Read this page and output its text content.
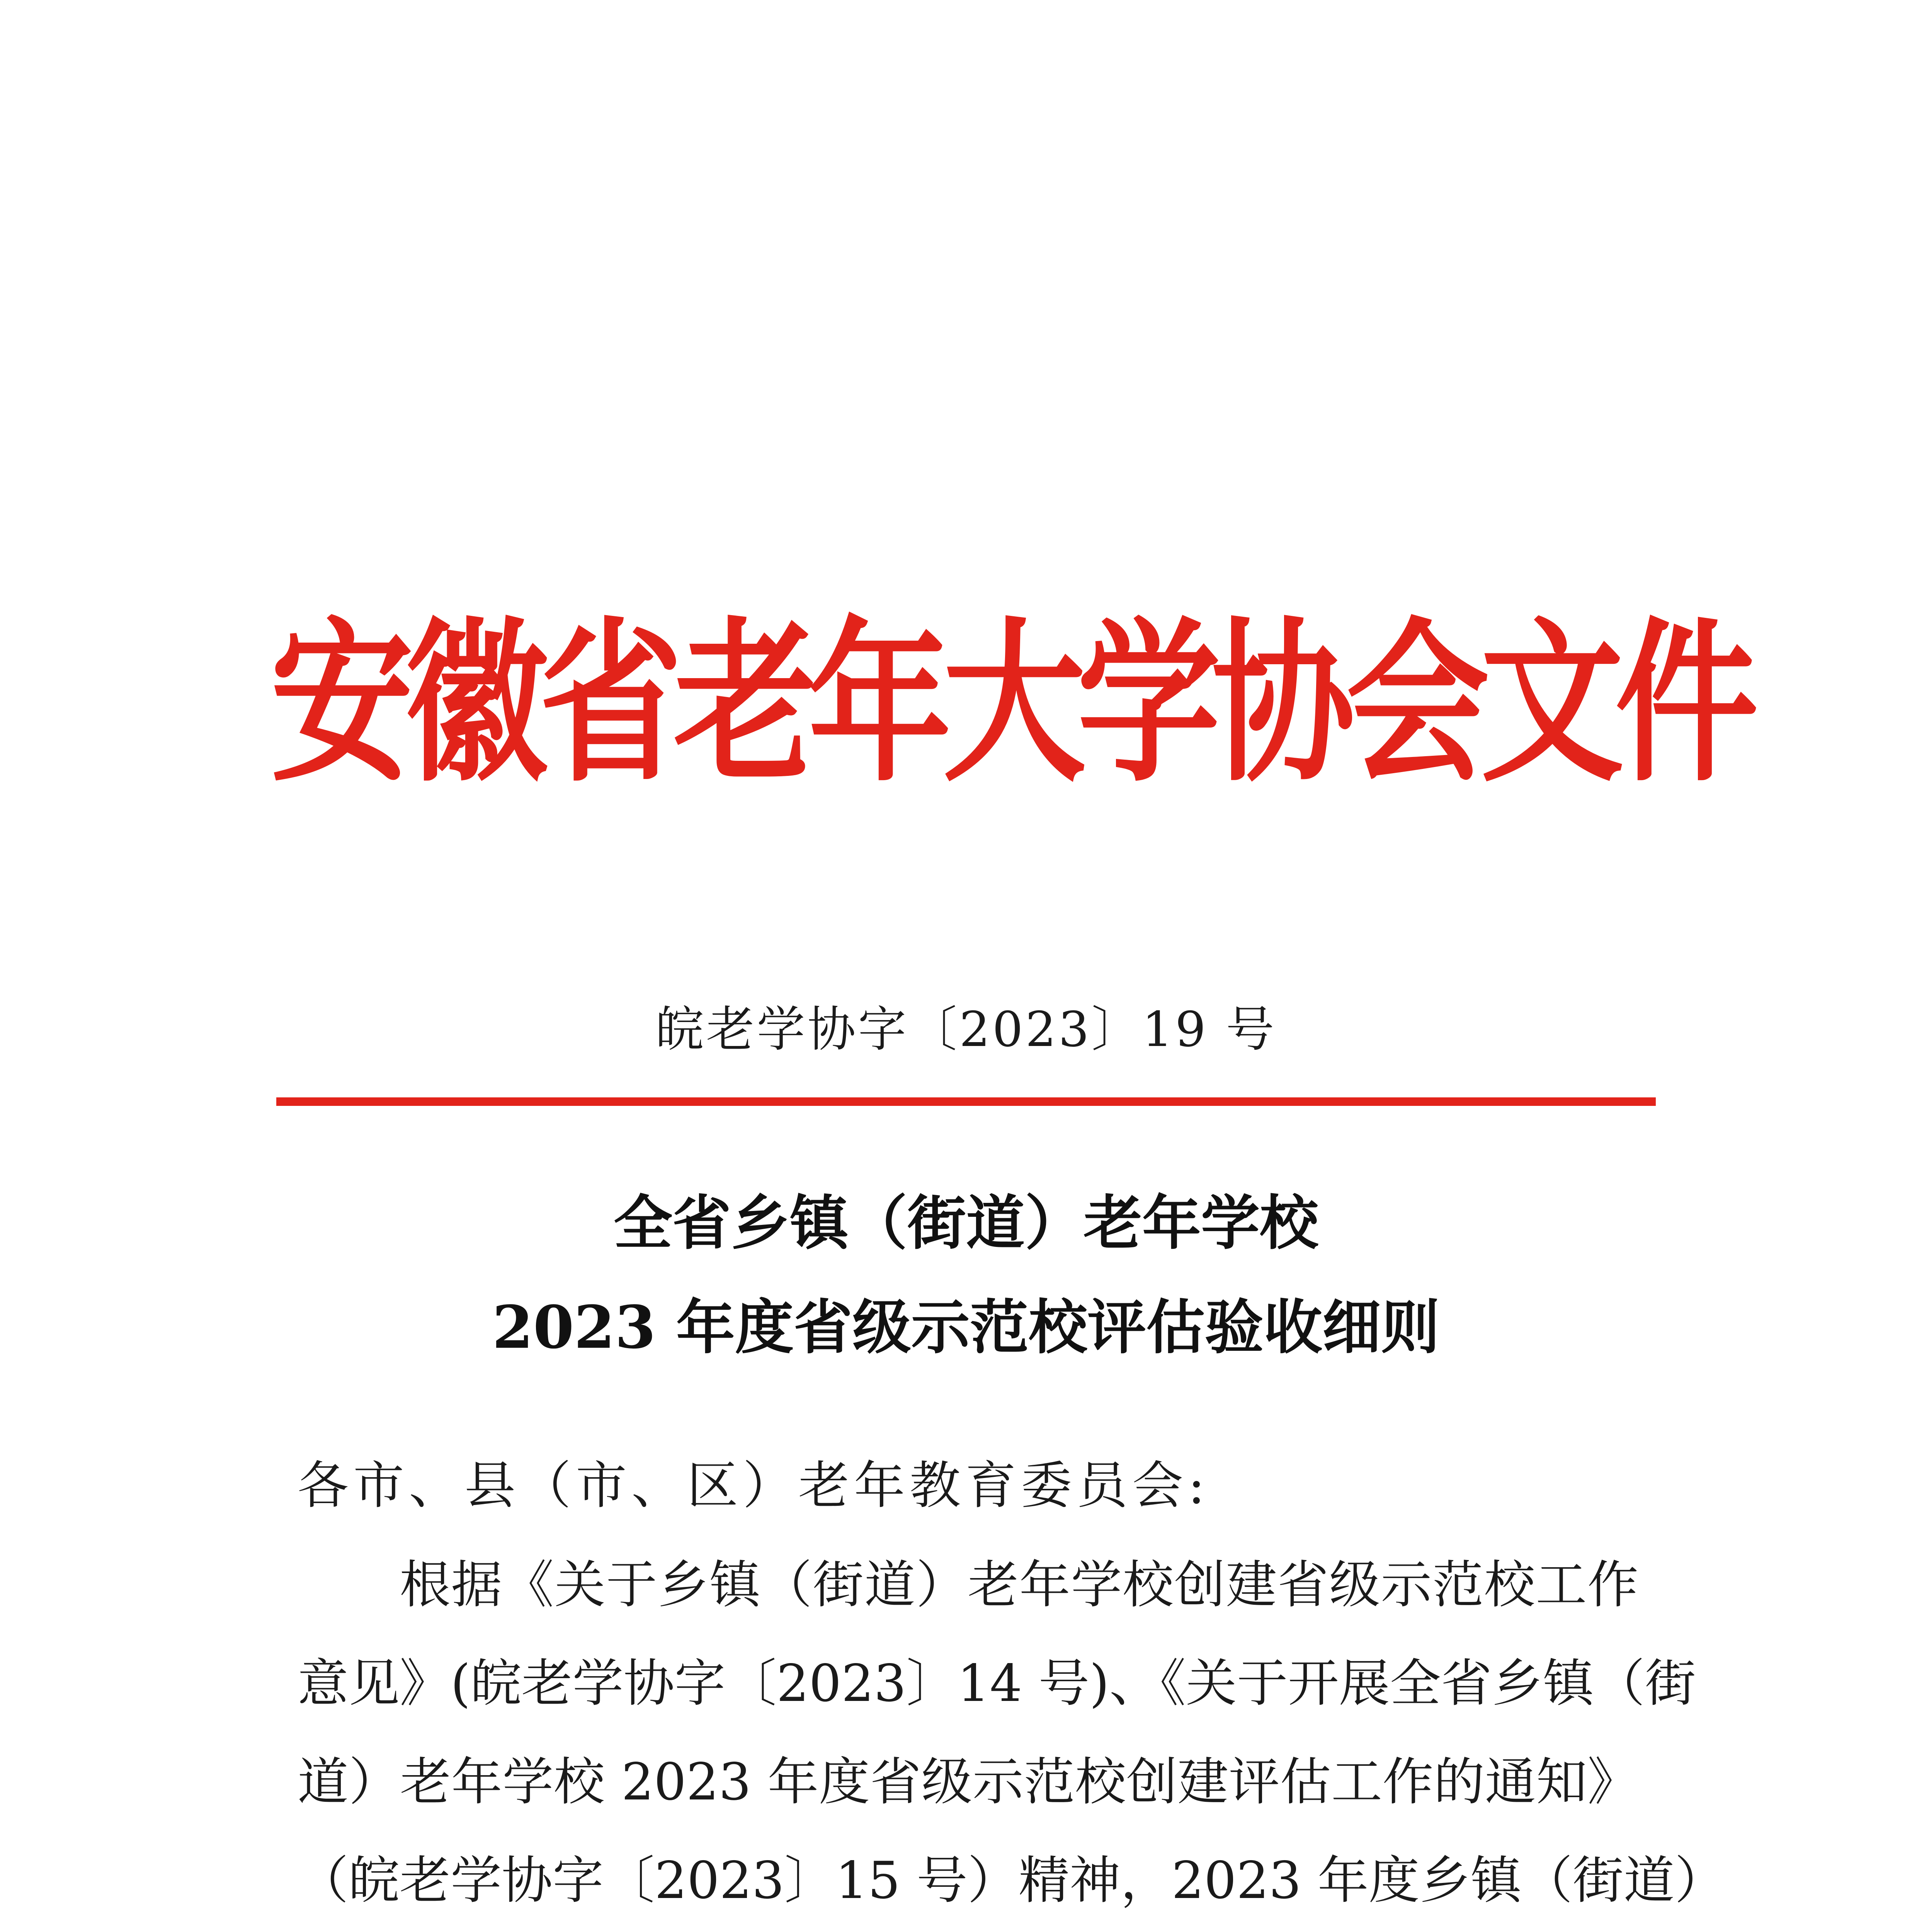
安徽省老年大学协会文件
皖老学协字〔2023〕19 号
全省乡镇（街道）老年学校
2023 年度省级示范校评估验收细则
各市、县（市、区）老年教育委员会:
根据《关于乡镇（街道）老年学校创建省级示范校工作
意见》(皖老学协字〔2023〕14 号)、《关于开展全省乡镇（街
道）老年学校 2023 年度省级示范校创建评估工作的通知》
（皖老学协字〔2023〕15 号）精神，2023 年度乡镇（街道）
